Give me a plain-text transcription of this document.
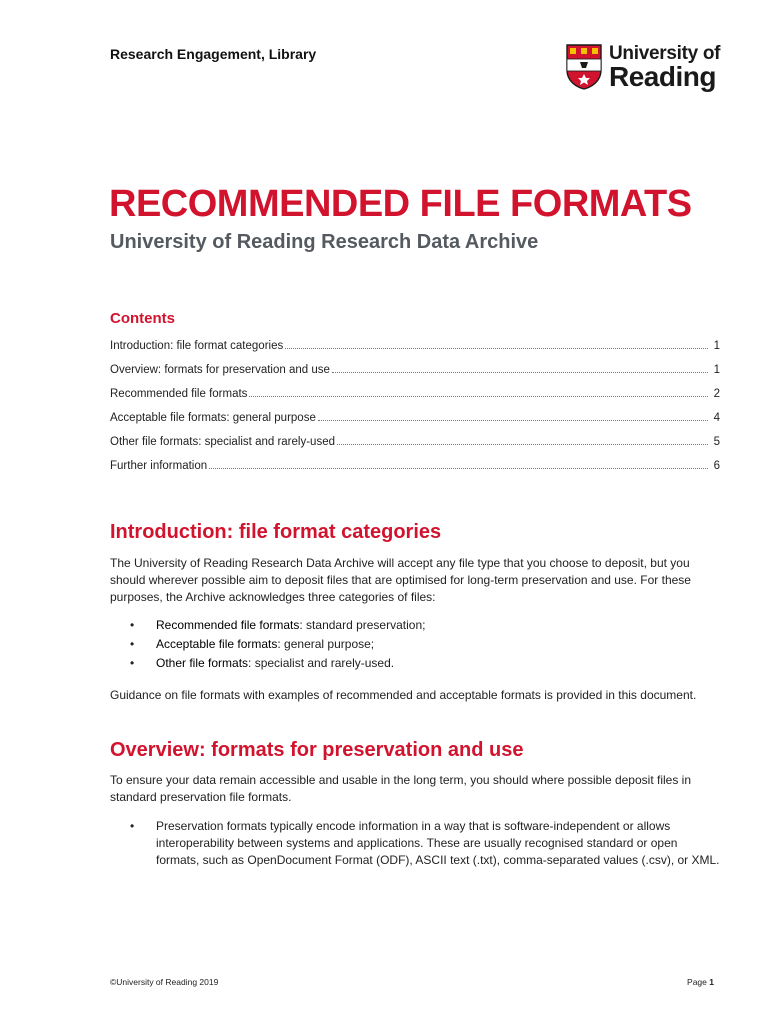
Research Engagement, Library	University of
Reading
RECOMMENDED FILE FORMATS
University of Reading Research Data Archive
Contents
Introduction: file format categories	1
Overview: formats for preservation and use	1
Recommended file formats	2
Acceptable file formats: general purpose	4
Other file formats: specialist and rarely-used	5
Further information	6
Introduction: file format categories

The University of Reading Research Data Archive will accept any file type that you choose to deposit, but you should wherever possible aim to deposit files that are optimised for long-term preservation and use. For these purposes, the Archive acknowledges three categories of files:

• Recommended file formats: standard preservation;
• Acceptable file formats: general purpose;
• Other file formats: specialist and rarely-used.

Guidance on file formats with examples of recommended and acceptable formats is provided in this document.

Overview: formats for preservation and use

To ensure your data remain accessible and usable in the long term, you should where possible deposit files in standard preservation file formats.

• Preservation formats typically encode information in a way that is software-independent or allows interoperability between systems and applications. These are usually recognised standard or open formats, such as OpenDocument Format (ODF), ASCII text (.txt), comma-separated values (.csv), or XML.
©University of Reading 2019	Page 1
